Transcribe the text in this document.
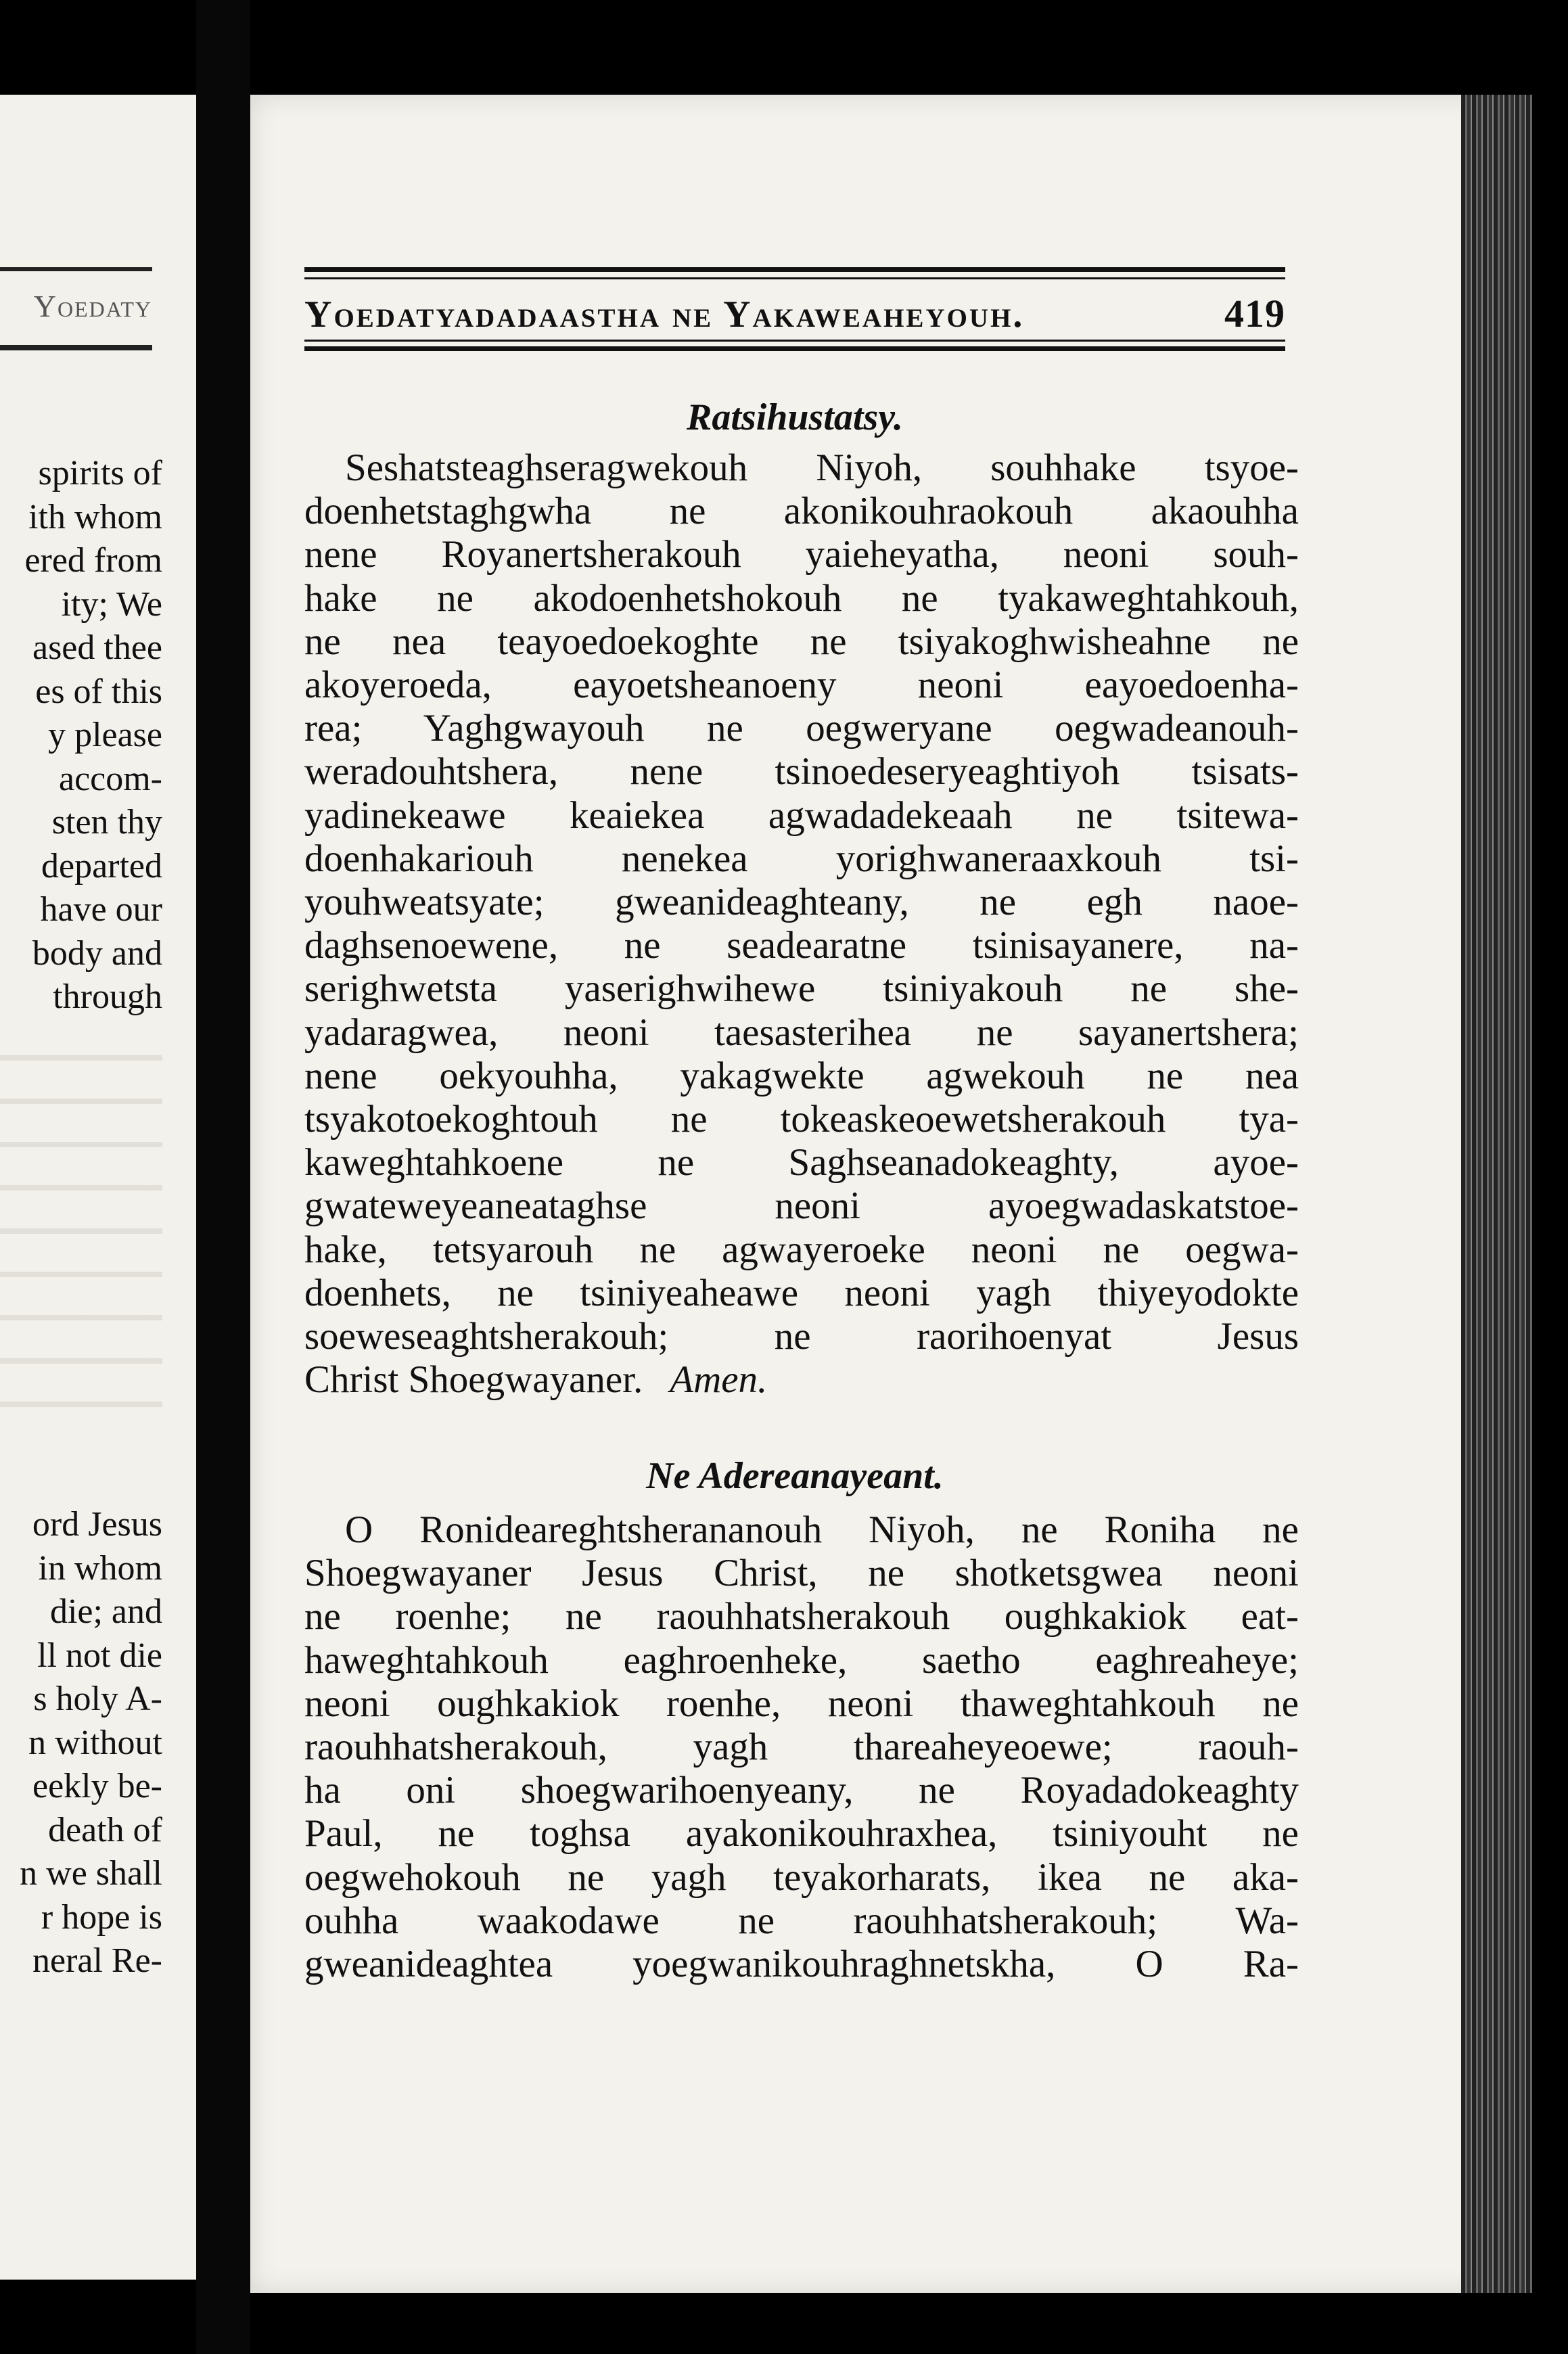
Yoedaty
spirits of
ith whom
ered from
ity; We
ased thee
es of this
y please
accom-
sten thy
departed
have our
body and
through
ord Jesus
in whom
die; and
ll not die
s holy A-
n without
eekly be-
death of
n we shall
r hope is
neral Re-
Yoedatyadadaastha ne Yakaweaheyouh.	419
Ratsihustatsy.
Seshatsteaghseragwekouh Niyoh, souhhake tsyoe-
doenhetstaghgwha ne akonikouhraokouh akaouhha
nene Royanertsherakouh yaieheyatha, neoni souh-
hake ne akodoenhetshokouh ne tyakaweghtahkouh,
ne nea teayoedoekoghte ne tsiyakoghwisheahne ne
akoyeroeda, eayoetsheanoeny neoni eayoedoenha-
rea; Yaghgwayouh ne oegweryane oegwadeanouh-
weradouhtshera, nene tsinoedeseryeaghtiyoh tsisats-
yadinekeawe keaiekea agwadadekeaah ne tsitewa-
doenhakariouh nenekea yorighwaneraaxkouh tsi-
youhweatsyate; gweanideaghteany, ne egh naoe-
daghsenoewene, ne seadearatne tsinisayanere, na-
serighwetsta yaserighwihewe tsiniyakouh ne she-
yadaragwea, neoni taesasterihea ne sayanertshera;
nene oekyouhha, yakagwekte agwekouh ne nea
tsyakotoekoghtouh ne tokeaskeoewetsherakouh tya-
kaweghtahkoene ne Saghseanadokeaghty, ayoe-
gwateweyeaneataghse neoni ayoegwadaskatstoe-
hake, tetsyarouh ne agwayeroeke neoni ne oegwa-
doenhets, ne tsiniyeaheawe neoni yagh thiyeyodokte
soeweseaghtsherakouh; ne raorihoenyat Jesus
Christ Shoegwayaner. Amen.
Ne Adereanayeant.
O Ronideareghtsherananouh Niyoh, ne Roniha ne
Shoegwayaner Jesus Christ, ne shotketsgwea neoni
ne roenhe; ne raouhhatsherakouh oughkakiok eat-
haweghtahkouh eaghroenheke, saetho eaghreaheye;
neoni oughkakiok roenhe, neoni thaweghtahkouh ne
raouhhatsherakouh, yagh thareaheyeoewe; raouh-
ha oni shoegwarihoenyeany, ne Royadadokeaghty
Paul, ne toghsa ayakonikouhraxhea, tsiniyouht ne
oegwehokouh ne yagh teyakorharats, ikea ne aka-
ouhha waakodawe ne raouhhatsherakouh; Wa-
gweanideaghtea yoegwanikouhraghnetskha, O Ra-
